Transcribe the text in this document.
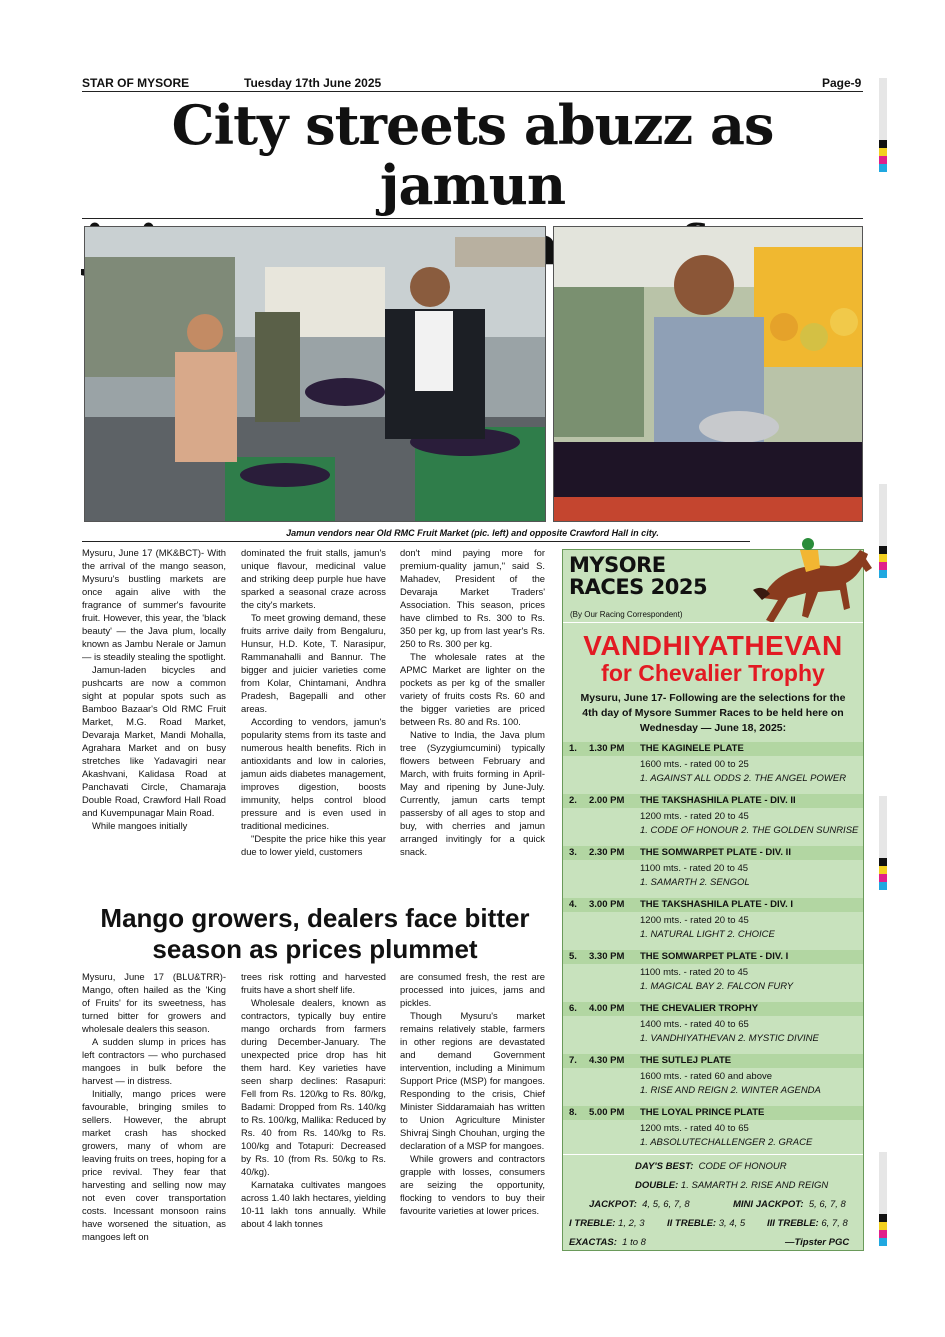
STAR OF MYSORE	Tuesday 17th June 2025	Page-9
City streets abuzz as jamun
Jamun vendors near Old RMC Fruit Market (pic. left) and opposite Crawford Hall in city.

Mysuru, June 17 (MK&BCT)- With the arrival of the mango season, Mysuru's bustling markets are once again alive with the fragrance of summer's favourite fruit. However, this year, the 'black beauty' — the Java plum, locally known as Jambu Nerale or Jamun — is steadily stealing the spotlight.

Jamun-laden bicycles and pushcarts are now a common sight at popular spots such as Bamboo Bazaar's Old RMC Fruit Market, M.G. Road Market, Devaraja Market, Mandi Mohalla, Agrahara Market and on busy stretches like Yadavagiri near Akashvani, Kalidasa Road at Panchavati Circle, Chamaraja Double Road, Crawford Hall Road and Kuvempunagar Main Road.

While mangoes initially

dominated the fruit stalls, jamun's unique flavour, medicinal value and striking deep purple hue have sparked a seasonal craze across the city's markets.

To meet growing demand, these fruits arrive daily from Bengaluru, Hunsur, H.D. Kote, T. Narasipur, Rammanahalli and Bannur. The bigger and juicier varieties come from Kolar, Chintamani, Andhra Pradesh, Bagepalli and other areas.

According to vendors, jamun's popularity stems from its taste and numerous health benefits. Rich in antioxidants and low in calories, jamun aids diabetes management, improves digestion, boosts immunity, helps control blood pressure and is even used in traditional medicines.

"Despite the price hike this year due to lower yield, customers

don't mind paying more for premium-quality jamun," said S. Mahadev, President of the Devaraja Market Traders' Association. This season, prices have climbed to Rs. 300 to Rs. 350 per kg, up from last year's Rs. 250 to Rs. 300 per kg.

The wholesale rates at the APMC Market are lighter on the pockets as per kg of the smaller variety of fruits costs Rs. 60 and the bigger varieties are priced between Rs. 80 and Rs. 100.

Native to India, the Java plum tree (Syzygiumcumini) typically flowers between February and March, with fruits forming in April-May and ripening by June-July. Currently, jamun carts tempt passersby of all ages to stop and buy, with cherries and jamun arranged invitingly for a quick snack.

Mango growers, dealers face bitter
season as prices plummet

Mysuru, June 17 (BLU&TRR)- Mango, often hailed as the 'King of Fruits' for its sweetness, has turned bitter for growers and wholesale dealers this season.

A sudden slump in prices has left contractors — who purchased mangoes in bulk before the harvest — in distress.

Initially, mango prices were favourable, bringing smiles to sellers. However, the abrupt market crash has shocked growers, many of whom are leaving fruits on trees, hoping for a price revival. They fear that harvesting and selling now may not even cover transportation costs. Incessant monsoon rains have worsened the situation, as mangoes left on

trees risk rotting and harvested fruits have a short shelf life.

Wholesale dealers, known as contractors, typically buy entire mango orchards from farmers during December-January. The unexpected price drop has hit them hard. Key varieties have seen sharp declines: Rasapuri: Fell from Rs. 120/kg to Rs. 80/kg, Badami: Dropped from Rs. 140/kg to Rs. 100/kg, Mallika: Reduced by Rs. 40 from Rs. 140/kg to Rs. 100/kg and Totapuri: Decreased by Rs. 10 (from Rs. 50/kg to Rs. 40/kg).

Karnataka cultivates mangoes across 1.40 lakh hectares, yielding 10-11 lakh tons annually. While about 4 lakh tonnes

are consumed fresh, the rest are processed into juices, jams and pickles.

Though Mysuru's market remains relatively stable, farmers in other regions are devastated and demand Government intervention, including a Minimum Support Price (MSP) for mangoes. Responding to the crisis, Chief Minister Siddaramaiah has written to Union Agriculture Minister Shivraj Singh Chouhan, urging the declaration of a MSP for mangoes.

While growers and contractors grapple with losses, consumers are seizing the opportunity, flocking to vendors to buy their favourite varieties at lower prices.

MYSORE
RACES 2025
(By Our Racing Correspondent)
VANDHIYATHEVAN
for Chevalier Trophy
Mysuru, June 17- Following are the selections for the 4th day of Mysore Summer Races to be held here on Wednesday — June 18, 2025:
1. 1.30 PM THE KAGINELE PLATE
1600 mts. - rated 00 to 25
1. AGAINST ALL ODDS 2. THE ANGEL POWER
2. 2.00 PM THE TAKSHASHILA PLATE - DIV. II
1200 mts. - rated 20 to 45
1. CODE OF HONOUR 2. THE GOLDEN SUNRISE
3. 2.30 PM THE SOMWARPET PLATE - DIV. II
1100 mts. - rated 20 to 45
1. SAMARTH 2. SENGOL
4. 3.00 PM THE TAKSHASHILA PLATE - DIV. I
1200 mts. - rated 20 to 45
1. NATURAL LIGHT 2. CHOICE
5. 3.30 PM THE SOMWARPET PLATE - DIV. I
1100 mts. - rated 20 to 45
1. MAGICAL BAY 2. FALCON FURY
6. 4.00 PM THE CHEVALIER TROPHY
1400 mts. - rated 40 to 65
1. VANDHIYATHEVAN 2. MYSTIC DIVINE
7. 4.30 PM THE SUTLEJ PLATE
1600 mts. - rated 60 and above
1. RISE AND REIGN 2. WINTER AGENDA
8. 5.00 PM THE LOYAL PRINCE PLATE
1200 mts. - rated 40 to 65
1. ABSOLUTECHALLENGER 2. GRACE
DAY'S BEST: CODE OF HONOUR
DOUBLE: 1. SAMARTH 2. RISE AND REIGN
JACKPOT: 4, 5, 6, 7, 8	MINI JACKPOT: 5, 6, 7, 8
I TREBLE: 1, 2, 3 II TREBLE: 3, 4, 5 III TREBLE: 6, 7, 8
EXACTAS: 1 to 8	—Tipster PGC
